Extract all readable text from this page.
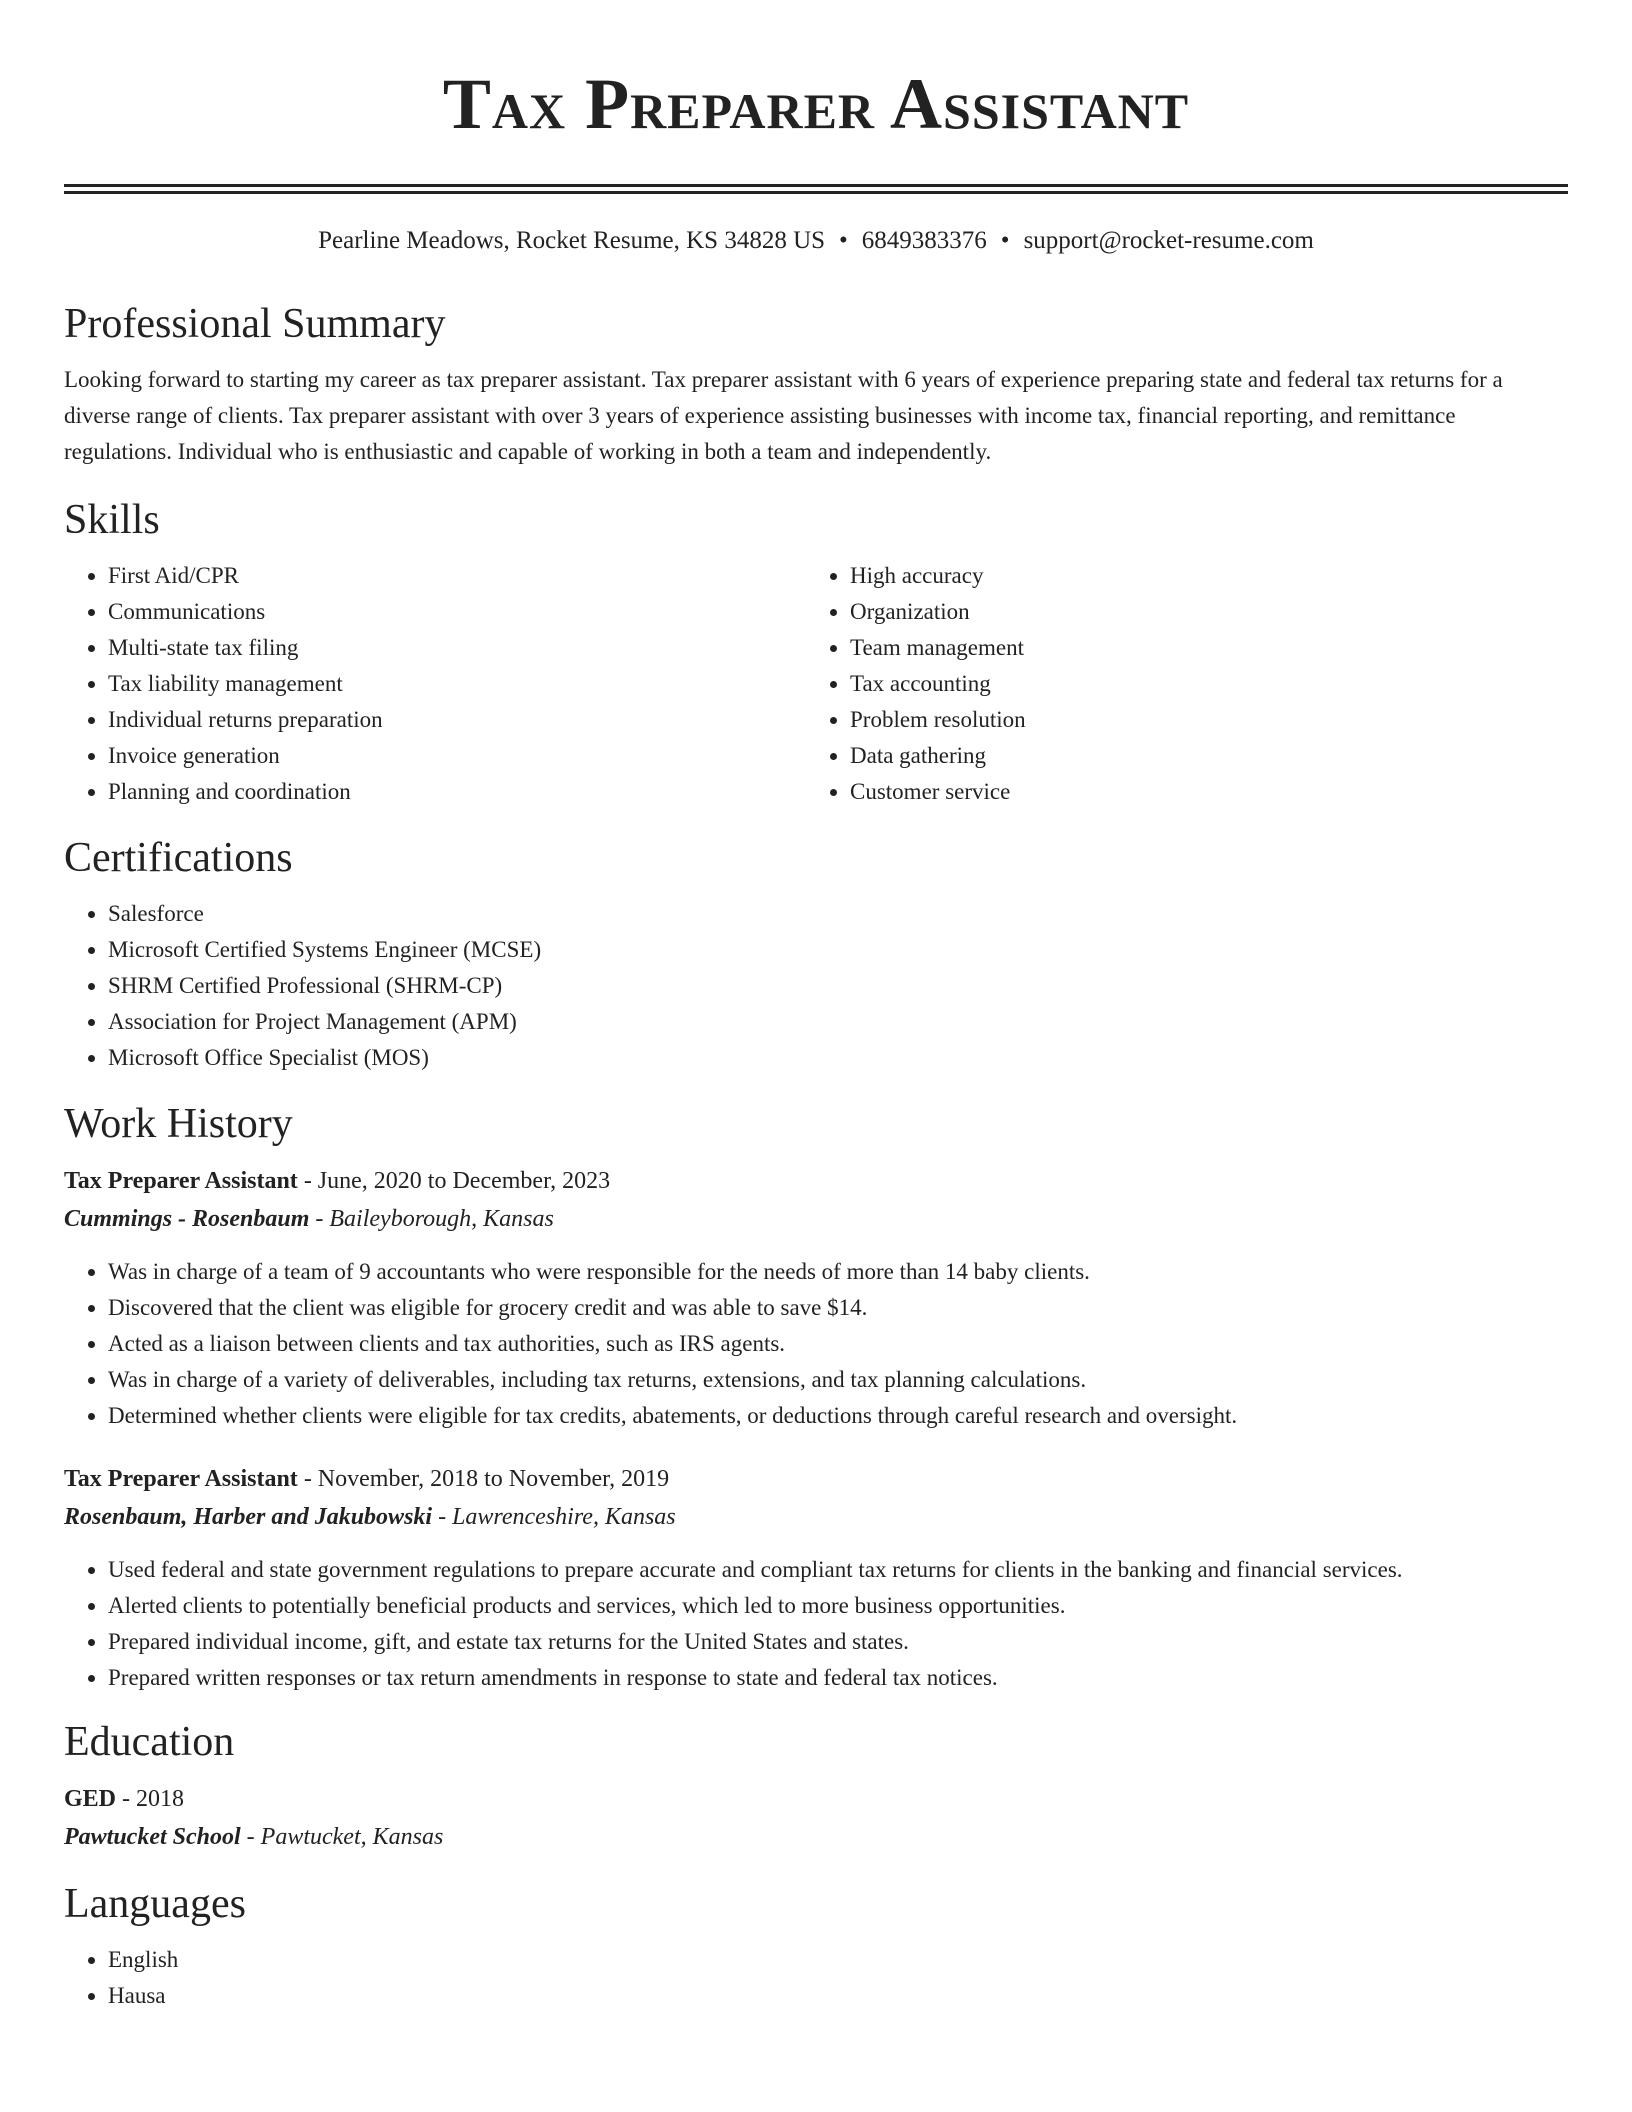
Tax Preparer Assistant
Pearline Meadows, Rocket Resume, KS 34828 US • 6849383376 • support@rocket-resume.com
Professional Summary
Looking forward to starting my career as tax preparer assistant. Tax preparer assistant with 6 years of experience preparing state and federal tax returns for a diverse range of clients. Tax preparer assistant with over 3 years of experience assisting businesses with income tax, financial reporting, and remittance regulations. Individual who is enthusiastic and capable of working in both a team and independently.
Skills
• First Aid/CPR
• Communications
• Multi-state tax filing
• Tax liability management
• Individual returns preparation
• Invoice generation
• Planning and coordination
• High accuracy
• Organization
• Team management
• Tax accounting
• Problem resolution
• Data gathering
• Customer service
Certifications
• Salesforce
• Microsoft Certified Systems Engineer (MCSE)
• SHRM Certified Professional (SHRM-CP)
• Association for Project Management (APM)
• Microsoft Office Specialist (MOS)
Work History
Tax Preparer Assistant - June, 2020 to December, 2023
Cummings - Rosenbaum - Baileyborough, Kansas
• Was in charge of a team of 9 accountants who were responsible for the needs of more than 14 baby clients.
• Discovered that the client was eligible for grocery credit and was able to save $14.
• Acted as a liaison between clients and tax authorities, such as IRS agents.
• Was in charge of a variety of deliverables, including tax returns, extensions, and tax planning calculations.
• Determined whether clients were eligible for tax credits, abatements, or deductions through careful research and oversight.
Tax Preparer Assistant - November, 2018 to November, 2019
Rosenbaum, Harber and Jakubowski - Lawrenceshire, Kansas
• Used federal and state government regulations to prepare accurate and compliant tax returns for clients in the banking and financial services.
• Alerted clients to potentially beneficial products and services, which led to more business opportunities.
• Prepared individual income, gift, and estate tax returns for the United States and states.
• Prepared written responses or tax return amendments in response to state and federal tax notices.
Education
GED - 2018
Pawtucket School - Pawtucket, Kansas
Languages
• English
• Hausa
